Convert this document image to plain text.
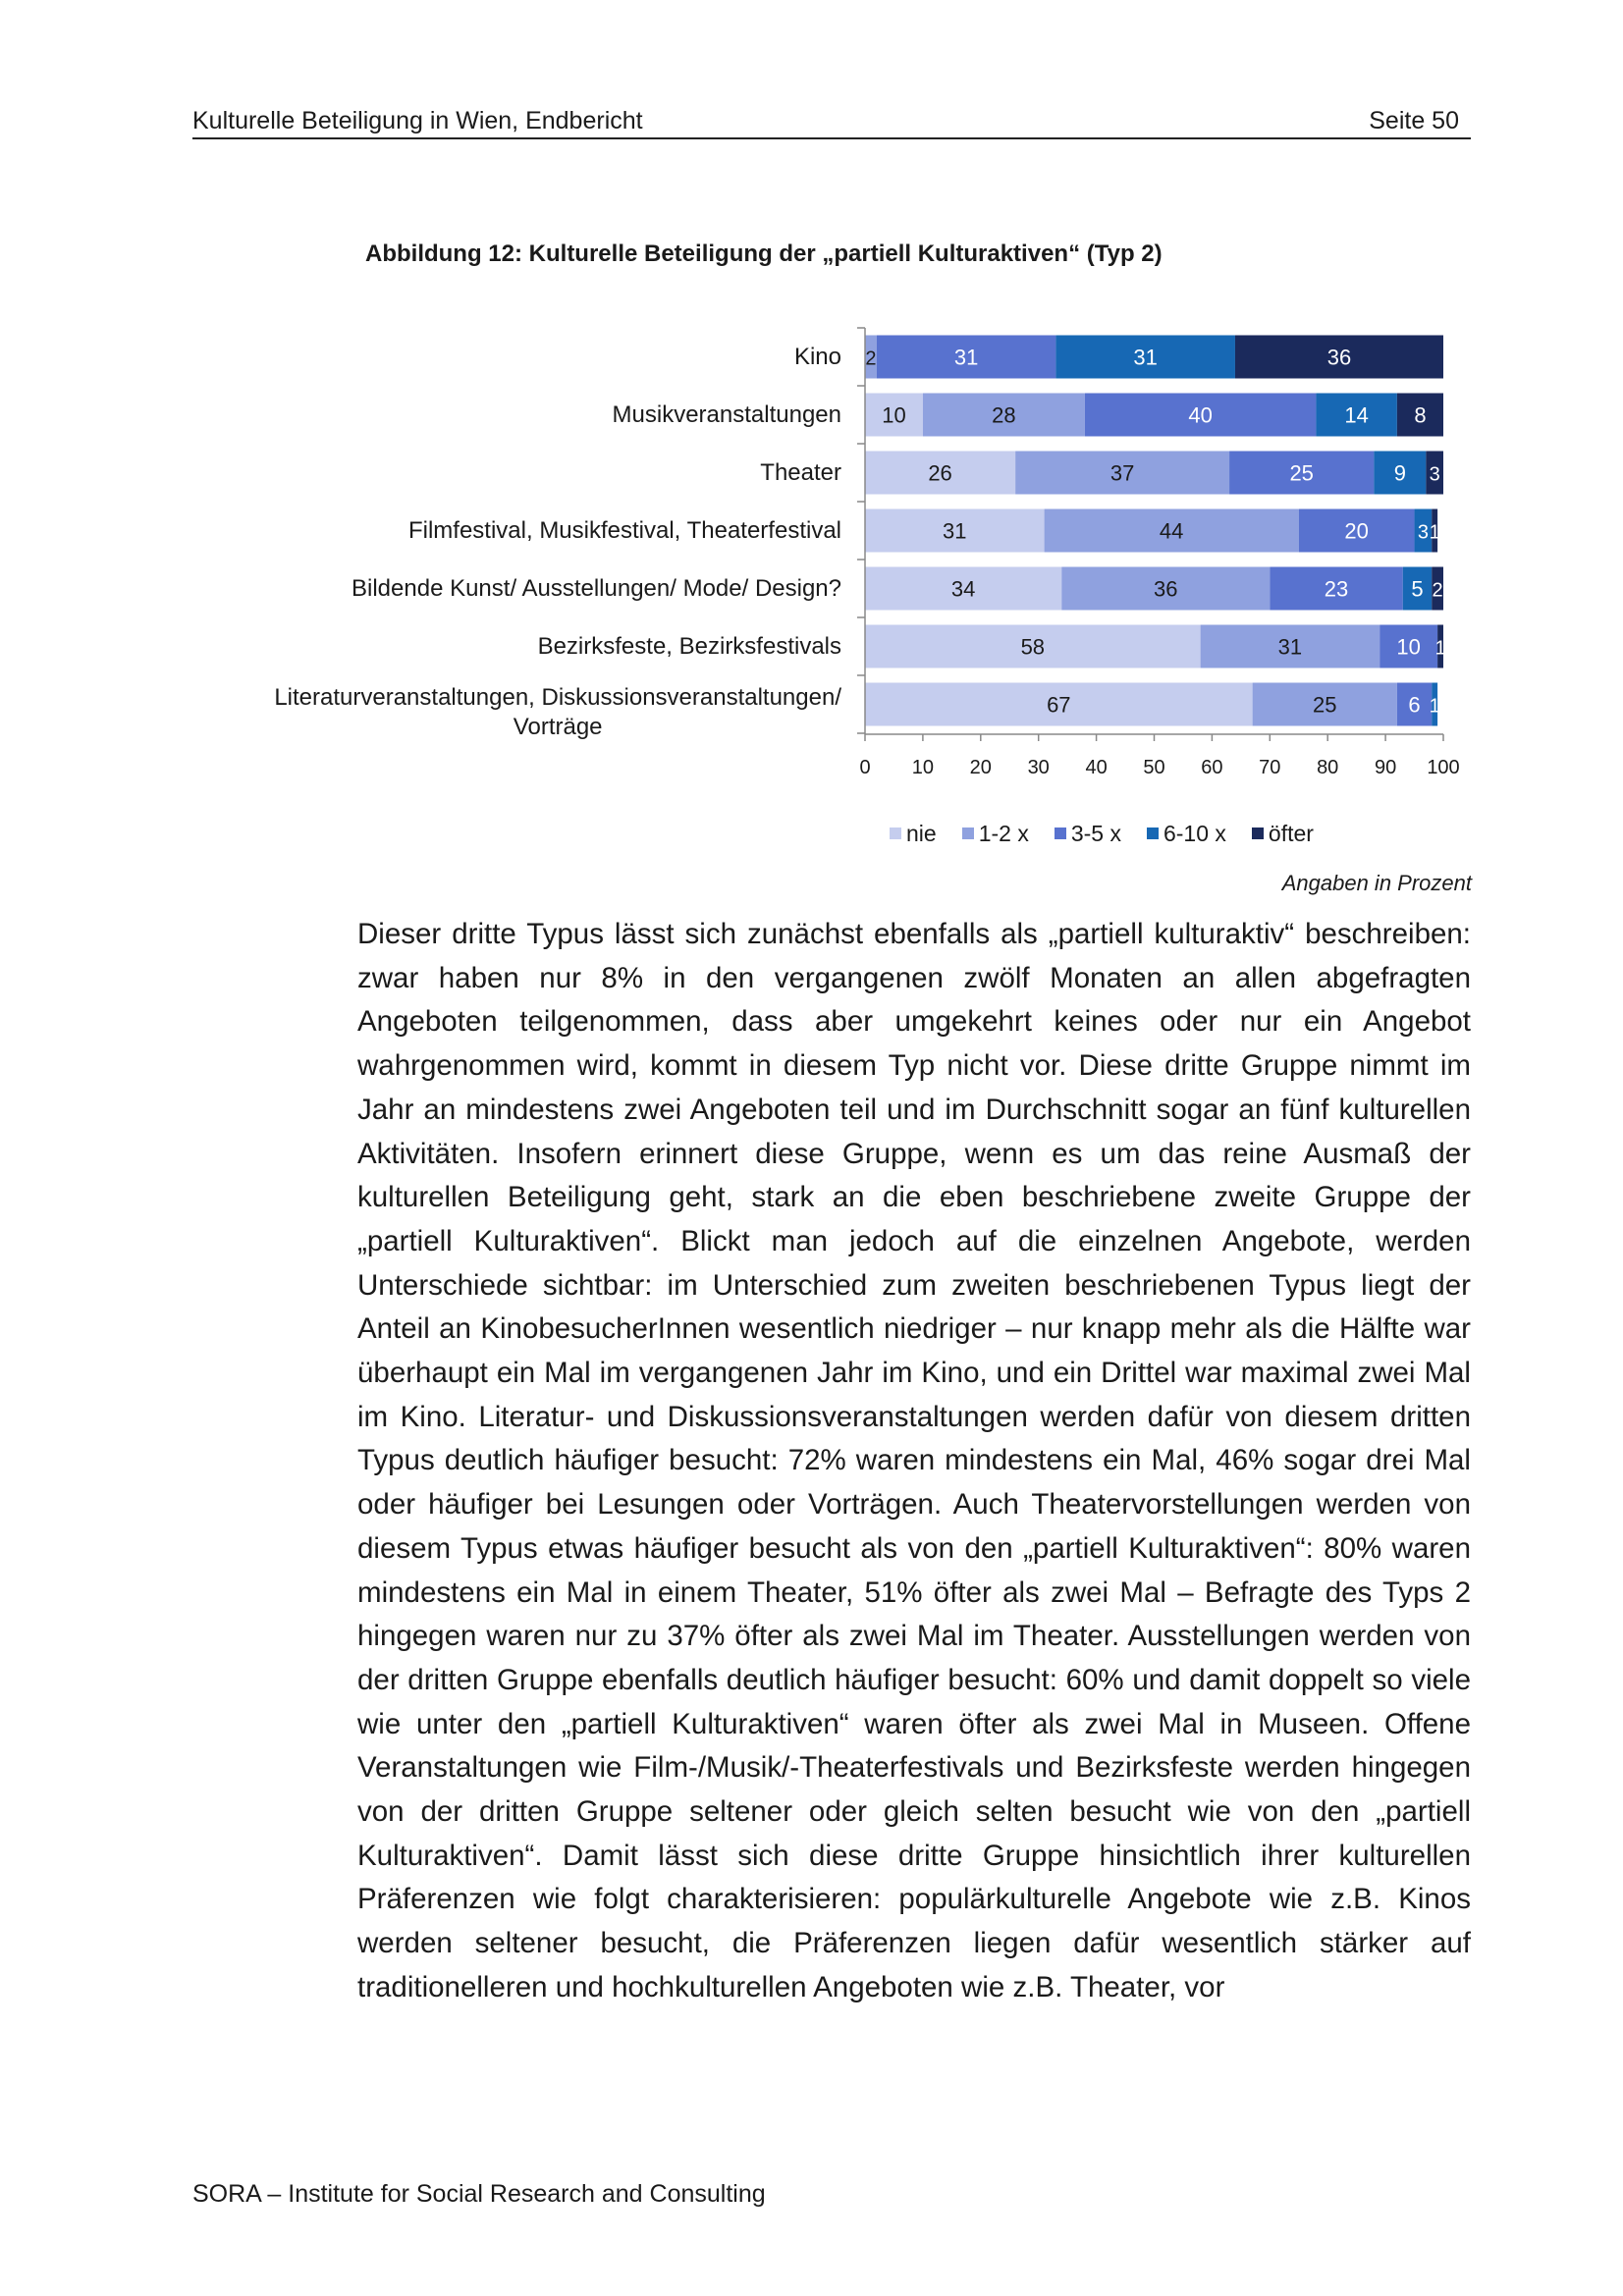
Kulturelle Beteiligung in Wien, Endbericht	Seite 50
Abbildung 12: Kulturelle Beteiligung der „partiell Kulturaktiven“ (Typ 2)
2	31	31	36
10	28	40	14 8
26	37	25	9 3
31	44	20 3 1
34	36	23	5 2
58	31	10 1
67	25	6 1
Kino
Musikveranstaltungen
Theater
Filmfestival, Musikfestival, Theaterfestival
Bildende Kunst/ Ausstellungen/ Mode/ Design?
Bezirksfeste, Bezirksfestivals
Literaturveranstaltungen, Diskussionsveranstaltungen/
Vorträge
0	10	20	30	40	50	60	70	80	90	100
nie 1-2 x 3-5 x 6-10 x öfter
Angaben in Prozent
Dieser dritte Typus lässt sich zunächst ebenfalls als „partiell kulturaktiv“ beschreiben: zwar haben nur 8% in den vergangenen zwölf Monaten an allen abgefragten Angeboten teilgenommen, dass aber umgekehrt keines oder nur ein Angebot wahrgenommen wird, kommt in diesem Typ nicht vor. Diese dritte Gruppe nimmt im Jahr an mindestens zwei Angeboten teil und im Durchschnitt sogar an fünf kulturellen Aktivitäten. Insofern erinnert diese Gruppe, wenn es um das reine Ausmaß der kulturellen Beteiligung geht, stark an die eben beschriebene zweite Gruppe der „partiell Kulturaktiven“. Blickt man jedoch auf die einzelnen Angebote, werden Unterschiede sichtbar: im Unterschied zum zweiten beschriebenen Typus liegt der Anteil an KinobesucherInnen wesentlich niedriger – nur knapp mehr als die Hälfte war überhaupt ein Mal im vergangenen Jahr im Kino, und ein Drittel war maximal zwei Mal im Kino. Literatur- und Diskussionsveranstaltungen werden dafür von diesem dritten Typus deutlich häufiger besucht: 72% waren mindestens ein Mal, 46% sogar drei Mal oder häufiger bei Lesungen oder Vorträgen. Auch Theatervorstellungen werden von diesem Typus etwas häufiger besucht als von den „partiell Kulturaktiven“: 80% waren mindestens ein Mal in einem Theater, 51% öfter als zwei Mal – Befragte des Typs 2 hingegen waren nur zu 37% öfter als zwei Mal im Theater. Ausstellungen werden von der dritten Gruppe ebenfalls deutlich häufiger besucht: 60% und damit doppelt so viele wie unter den „partiell Kulturaktiven“ waren öfter als zwei Mal in Museen. Offene Veranstaltungen wie Film-/Musik/-Theaterfestivals und Bezirksfeste werden hingegen von der dritten Gruppe seltener oder gleich selten besucht wie von den „partiell Kulturaktiven“. Damit lässt sich diese dritte Gruppe hinsichtlich ihrer kulturellen Präferenzen wie folgt charakterisieren: populärkulturelle Angebote wie z.B. Kinos werden seltener besucht, die Präferenzen liegen dafür wesentlich stärker auf traditionelleren und hochkulturellen Angeboten wie z.B. Theater, vor
SORA – Institute for Social Research and Consulting
